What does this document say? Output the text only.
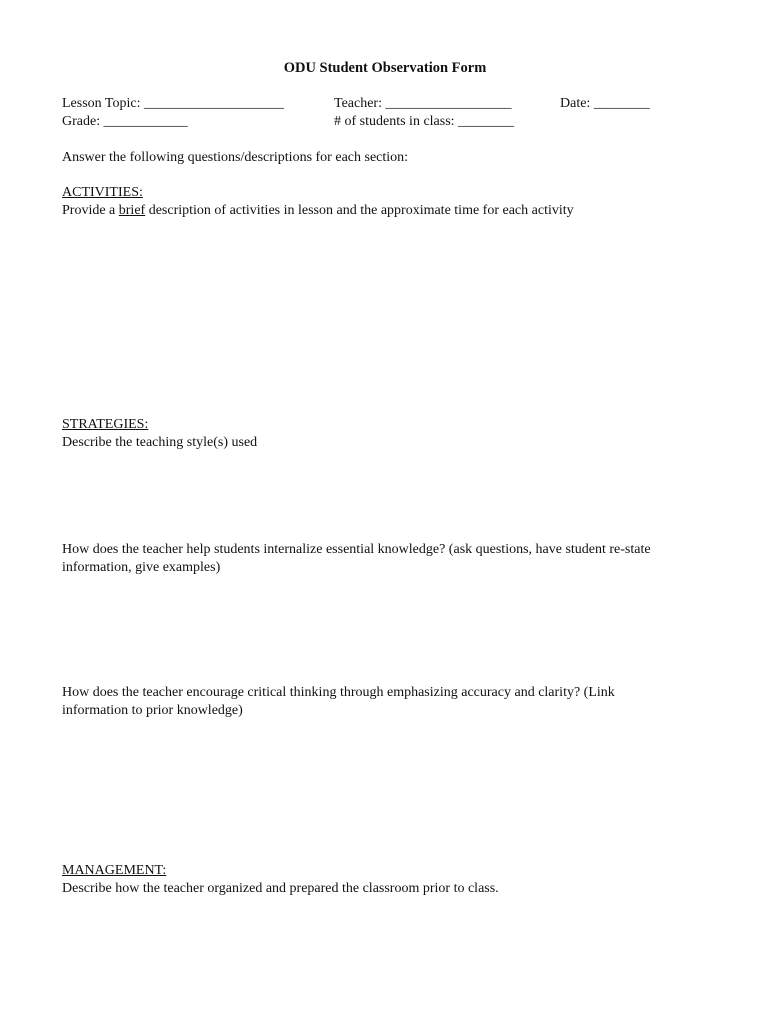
ODU Student Observation Form
Lesson Topic: ____________________	Teacher: __________________	Date: ________
Grade: ____________	# of students in class: ________
Answer the following questions/descriptions for each section:
ACTIVITIES:
Provide a brief description of activities in lesson and the approximate time for each activity
STRATEGIES:
Describe the teaching style(s) used
How does the teacher help students internalize essential knowledge? (ask questions, have student re-state
information, give examples)
How does the teacher encourage critical thinking through emphasizing accuracy and clarity? (Link
information to prior knowledge)
MANAGEMENT:
Describe how the teacher organized and prepared the classroom prior to class.
